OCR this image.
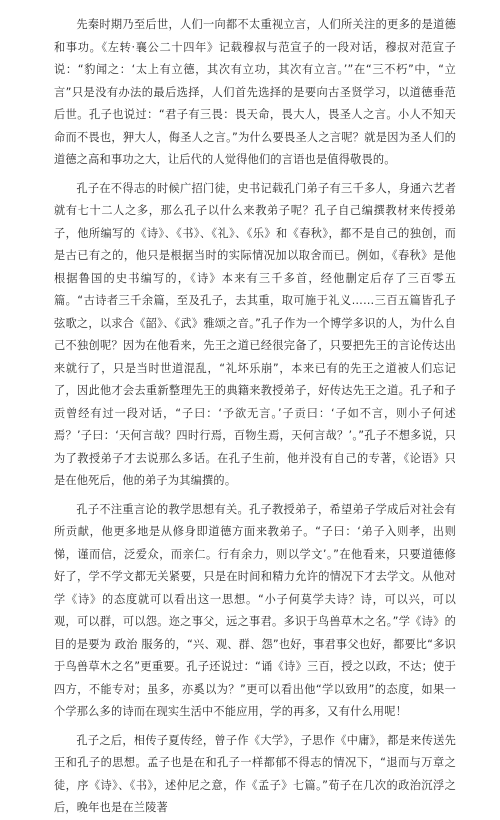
先秦时期乃至后世，人们一向都不太重视立言，人们所关注的更多的是道德和事功。《左转·襄公二十四年》记载穆叔与范宣子的一段对话，穆叔对范宣子说：“豹闻之：‘太上有立德，其次有立功，其次有立言。’”在“三不朽”中，“立言”只是没有办法的最后选择，人们首先选择的是要向古圣贤学习，以道德垂范后世。孔子也说过：“君子有三畏：畏天命，畏大人，畏圣人之言。小人不知天命而不畏也，狎大人，侮圣人之言。”为什么要畏圣人之言呢？就是因为圣人们的道德之高和事功之大，让后代的人觉得他们的言语也是值得敬畏的。

孔子在不得志的时候广招门徒，史书记载孔门弟子有三千多人，身通六艺者就有七十二人之多，那么孔子以什么来教弟子呢？孔子自己编撰教材来传授弟子，他所编写的《诗》、《书》、《礼》、《乐》和《春秋》，都不是自己的独创，而是古已有之的，他只是根据当时的实际情况加以取舍而已。例如，《春秋》是他根据鲁国的史书编写的，《诗》本来有三千多首，经他删定后存了三百零五篇。“古诗者三千余篇，至及孔子，去其重，取可施于礼义……三百五篇皆孔子弦歌之，以求合《韶》、《武》雅颂之音。”孔子作为一个博学多识的人，为什么自己不独创呢？因为在他看来，先王之道已经很完备了，只要把先王的言论传达出来就行了，只是当时世道混乱，“礼坏乐崩”，本来已有的先王之道被人们忘记了，因此他才会去重新整理先王的典籍来教授弟子，好传达先王之道。孔子和子贡曾经有过一段对话，“子曰：‘予欲无言。’子贡曰：‘子如不言，则小子何述焉？’子曰：‘天何言哉？四时行焉，百物生焉，天何言哉？’。”孔子不想多说，只为了教授弟子才去说那么多话。在孔子生前，他并没有自己的专著，《论语》只是在他死后，他的弟子为其编撰的。

孔子不注重言论的教学思想有关。孔子教授弟子，希望弟子学成后对社会有所贡献，他更多地是从修身即道德方面来教弟子。“子曰：‘弟子入则孝，出则悌，谨而信，泛爱众，而亲仁。行有余力，则以学文’。”在他看来，只要道德修好了，学不学文都无关紧要，只是在时间和精力允许的情况下才去学文。从他对学《诗》的态度就可以看出这一思想。“小子何莫学夫诗？诗，可以兴，可以观，可以群，可以怨。迩之事父，远之事君。多识于鸟兽草木之名。”学《诗》的目的是要为 政治 服务的，“兴、观、群、怨”也好，事君事父也好，都要比“多识于鸟兽草木之名”更重要。孔子还说过：“诵《诗》三百，授之以政，不达；使于四方，不能专对；虽多，亦奚以为？”更可以看出他“学以致用”的态度，如果一个学那么多的诗而在现实生活中不能应用，学的再多，又有什么用呢！

孔子之后，相传子夏传经，曾子作《大学》，子思作《中庸》，都是来传送先王和孔子的思想。孟子也是在和孔子一样都郁不得志的情况下，“退而与万章之徒，序《诗》、《书》，述仲尼之意，作《孟子》七篇。”荀子在几次的政治沉浮之后，晚年也是在兰陵著
